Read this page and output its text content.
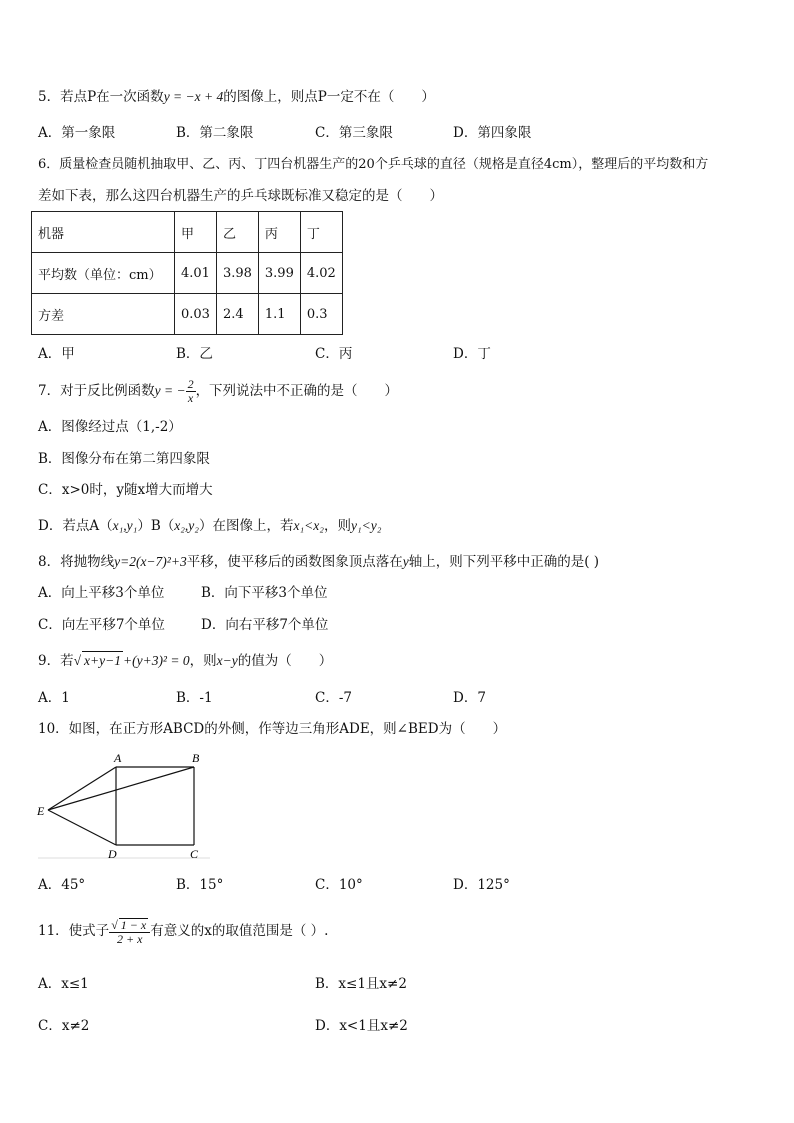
5．若点P在一次函数y = −x + 4的图像上，则点P一定不在（　　）
A．第一象限	B．第二象限	C．第三象限	D．第四象限
6．质量检查员随机抽取甲、乙、丙、丁四台机器生产的20个乒乓球的直径（规格是直径4cm），整理后的平均数和方
差如下表，那么这四台机器生产的乒乓球既标准又稳定的是（　　）
机器	甲	乙	丙	丁
平均数（单位：cm）	4.01	3.98	3.99	4.02
方差	0.03	2.4	1.1	0.3
A．甲	B．乙	C．丙	D．丁
7．对于反比例函数y = − $\frac{2}{x}$ ，下列说法中不正确的是（　　）
A．图像经过点（1,-2）
B．图像分布在第二第四象限
C．x>0时，y随x增大而增大
D．若点A（x₁,y₁）B（x₂,y₂）在图像上，若x₁<x₂，则y₁<y₂
8．将抛物线y=2(x−7)²+3平移，使平移后的函数图象顶点落在y轴上，则下列平移中正确的是( )
A．向上平移3个单位	B．向下平移3个单位
C．向左平移7个单位	D．向右平移7个单位
9．若√ x+y−1 +(y+3)² = 0，则x−y的值为（　　）
A．1	B．-1	C．-7	D．7
10．如图，在正方形ABCD的外侧，作等边三角形ADE，则∠BED为（　　）
A	B
C
D
E
A．45°	B．15°	C．10°	D．125°
11．使式子 $\frac{√ 1 - x}{2 + x}$ 有意义的x的取值范围是（ ）.
A．x≤1	B．x≤1且x≠2
C．x≠2	D．x<1且x≠2
